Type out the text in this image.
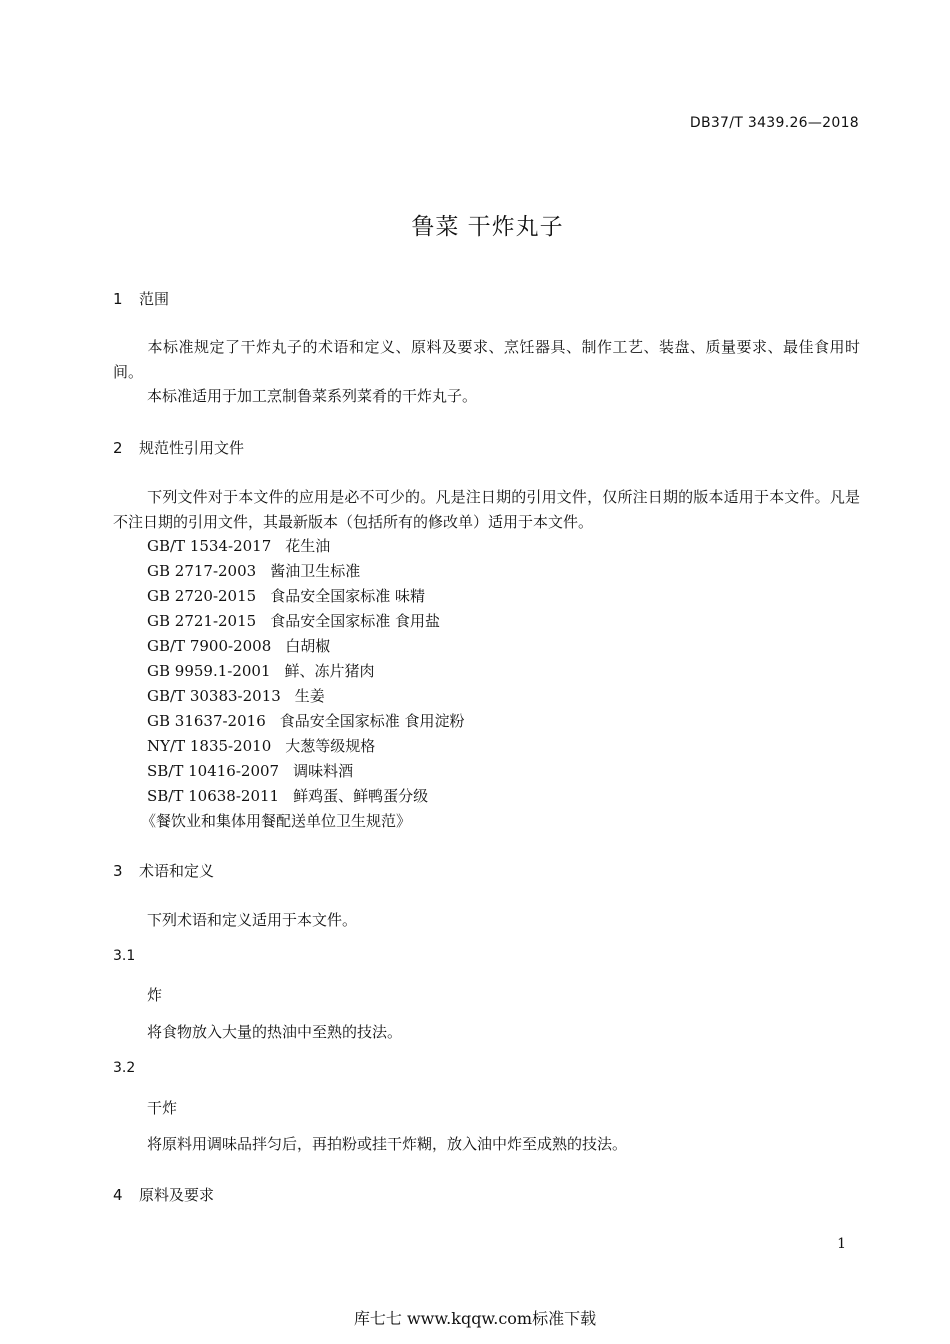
DB37/T 3439.26—2018
鲁菜 干炸丸子
1 范围
本标准规定了干炸丸子的术语和定义、原料及要求、烹饪器具、制作工艺、装盘、质量要求、最佳食用时间。
本标准适用于加工烹制鲁菜系列菜肴的干炸丸子。
2 规范性引用文件
下列文件对于本文件的应用是必不可少的。凡是注日期的引用文件，仅所注日期的版本适用于本文件。凡是不注日期的引用文件，其最新版本（包括所有的修改单）适用于本文件。
GB/T 1534-2017 花生油
GB 2717-2003 酱油卫生标准
GB 2720-2015 食品安全国家标准 味精
GB 2721-2015 食品安全国家标准 食用盐
GB/T 7900-2008 白胡椒
GB 9959.1-2001 鲜、冻片猪肉
GB/T 30383-2013 生姜
GB 31637-2016 食品安全国家标准 食用淀粉
NY/T 1835-2010 大葱等级规格
SB/T 10416-2007 调味料酒
SB/T 10638-2011 鲜鸡蛋、鲜鸭蛋分级
《餐饮业和集体用餐配送单位卫生规范》
3 术语和定义
下列术语和定义适用于本文件。
3.1
炸
将食物放入大量的热油中至熟的技法。
3.2
干炸
将原料用调味品拌匀后，再拍粉或挂干炸糊，放入油中炸至成熟的技法。
4 原料及要求
1
库七七 www.kqqw.com标准下载
